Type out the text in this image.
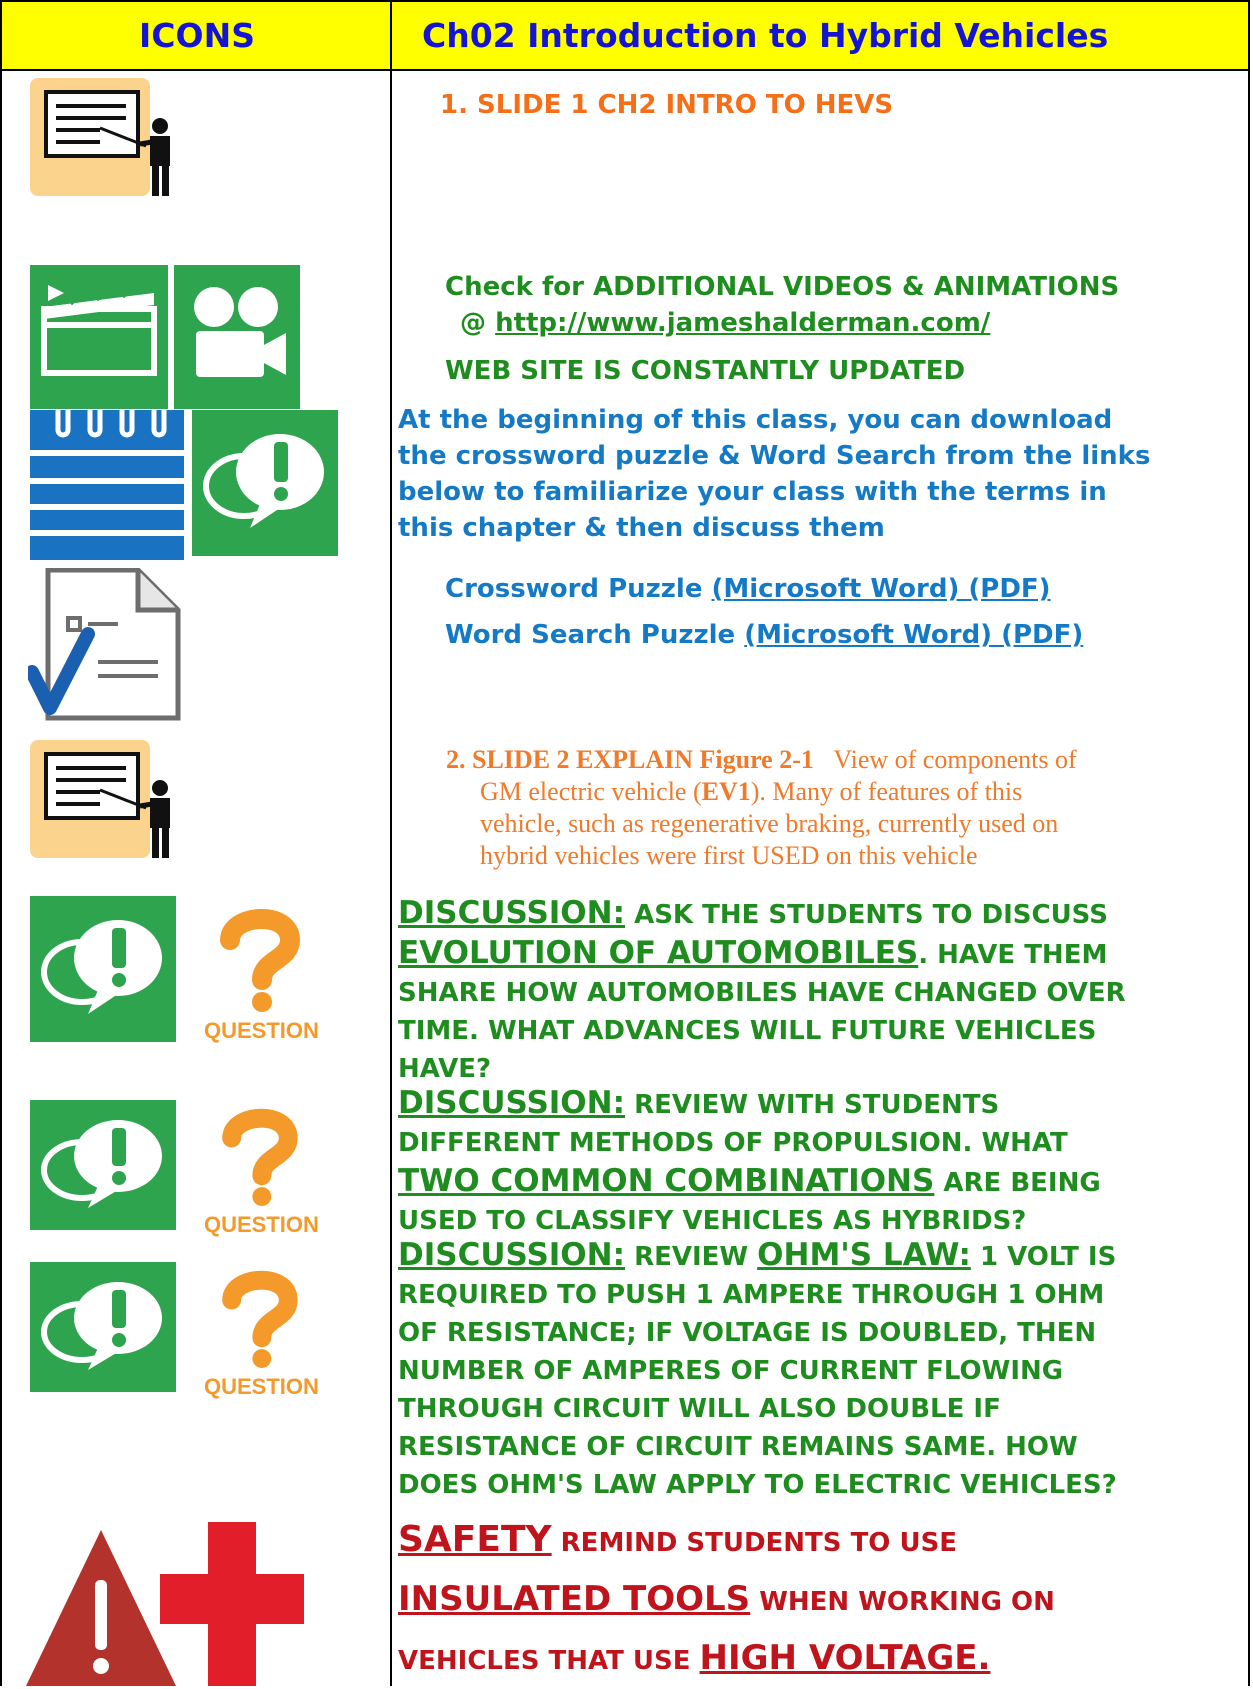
ICONS	Ch02 Introduction to Hybrid Vehicles
QUESTION
QUESTION
QUESTION
1. SLIDE 1 CH2 INTRO TO HEVS
Check for ADDITIONAL VIDEOS & ANIMATIONS
@ http://www.jameshalderman.com/
WEB SITE IS CONSTANTLY UPDATED
At the beginning of this class, you can download
the crossword puzzle & Word Search from the links
below to familiarize your class with the terms in
this chapter & then discuss them
Crossword Puzzle (Microsoft Word) (PDF)
Word Search Puzzle (Microsoft Word) (PDF)
2. SLIDE 2 EXPLAIN Figure 2-1 View of components of
GM electric vehicle (EV1). Many of features of this
vehicle, such as regenerative braking, currently used on
hybrid vehicles were first USED on this vehicle
DISCUSSION: ASK THE STUDENTS TO DISCUSS
EVOLUTION OF AUTOMOBILES. HAVE THEM
SHARE HOW AUTOMOBILES HAVE CHANGED OVER
TIME. WHAT ADVANCES WILL FUTURE VEHICLES
HAVE?
DISCUSSION: REVIEW WITH STUDENTS
DIFFERENT METHODS OF PROPULSION. WHAT
TWO COMMON COMBINATIONS ARE BEING
USED TO CLASSIFY VEHICLES AS HYBRIDS?
DISCUSSION: REVIEW OHM'S LAW: 1 VOLT IS
REQUIRED TO PUSH 1 AMPERE THROUGH 1 OHM
OF RESISTANCE; IF VOLTAGE IS DOUBLED, THEN
NUMBER OF AMPERES OF CURRENT FLOWING
THROUGH CIRCUIT WILL ALSO DOUBLE IF
RESISTANCE OF CIRCUIT REMAINS SAME. HOW
DOES OHM'S LAW APPLY TO ELECTRIC VEHICLES?
SAFETY REMIND STUDENTS TO USE
INSULATED TOOLS WHEN WORKING ON
VEHICLES THAT USE HIGH VOLTAGE.
